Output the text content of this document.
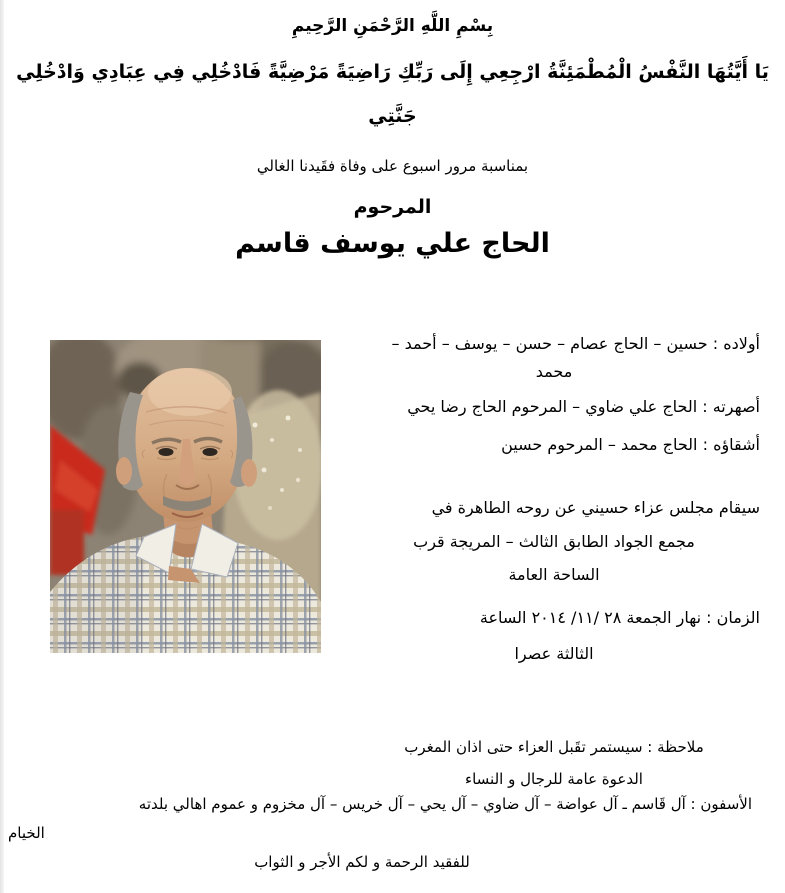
بِسْمِ اللَّهِ الرَّحْمَنِ الرَّحِيمِ
يَا أَيَّتُهَا النَّفْسُ الْمُطْمَئِنَّةُ ارْجِعِي إِلَى رَبِّكِ رَاضِيَةً مَرْضِيَّةً فَادْخُلِي فِي عِبَادِي وَادْخُلِي
جَنَّتِي
بمناسبة مرور اسبوع على وفاة فقَيدنا الغالي
المرحوم
الحاج علي يوسف قاسم
أولاده : حسين – الحاج عصام – حسن – يوسف – أحمد –
محمد
أصهرته : الحاج علي ضاوي – المرحوم الحاج رضا يحي
أشقاؤه : الحاج محمد – المرحوم حسين
سيقام مجلس عزاء حسيني عن روحه الطاهرة في
مجمع الجواد الطابق الثالث – المريجة قرب
الساحة العامة
الزمان : نهار الجمعة ٢٨ /١١/ ٢٠١٤ الساعة
الثالثة عصرا
ملاحظة : سيستمر تقَبل العزاء حتى اذان المغرب
الدعوة عامة للرجال و النساء
الأسفون : آل قَاسم ـ آل عواضة – آل ضاوي – آل يحي – آل خريس – آل مخزوم و عموم اهالي بلدته
الخيام
للفقيد الرحمة و لكم الأجر و الثواب
